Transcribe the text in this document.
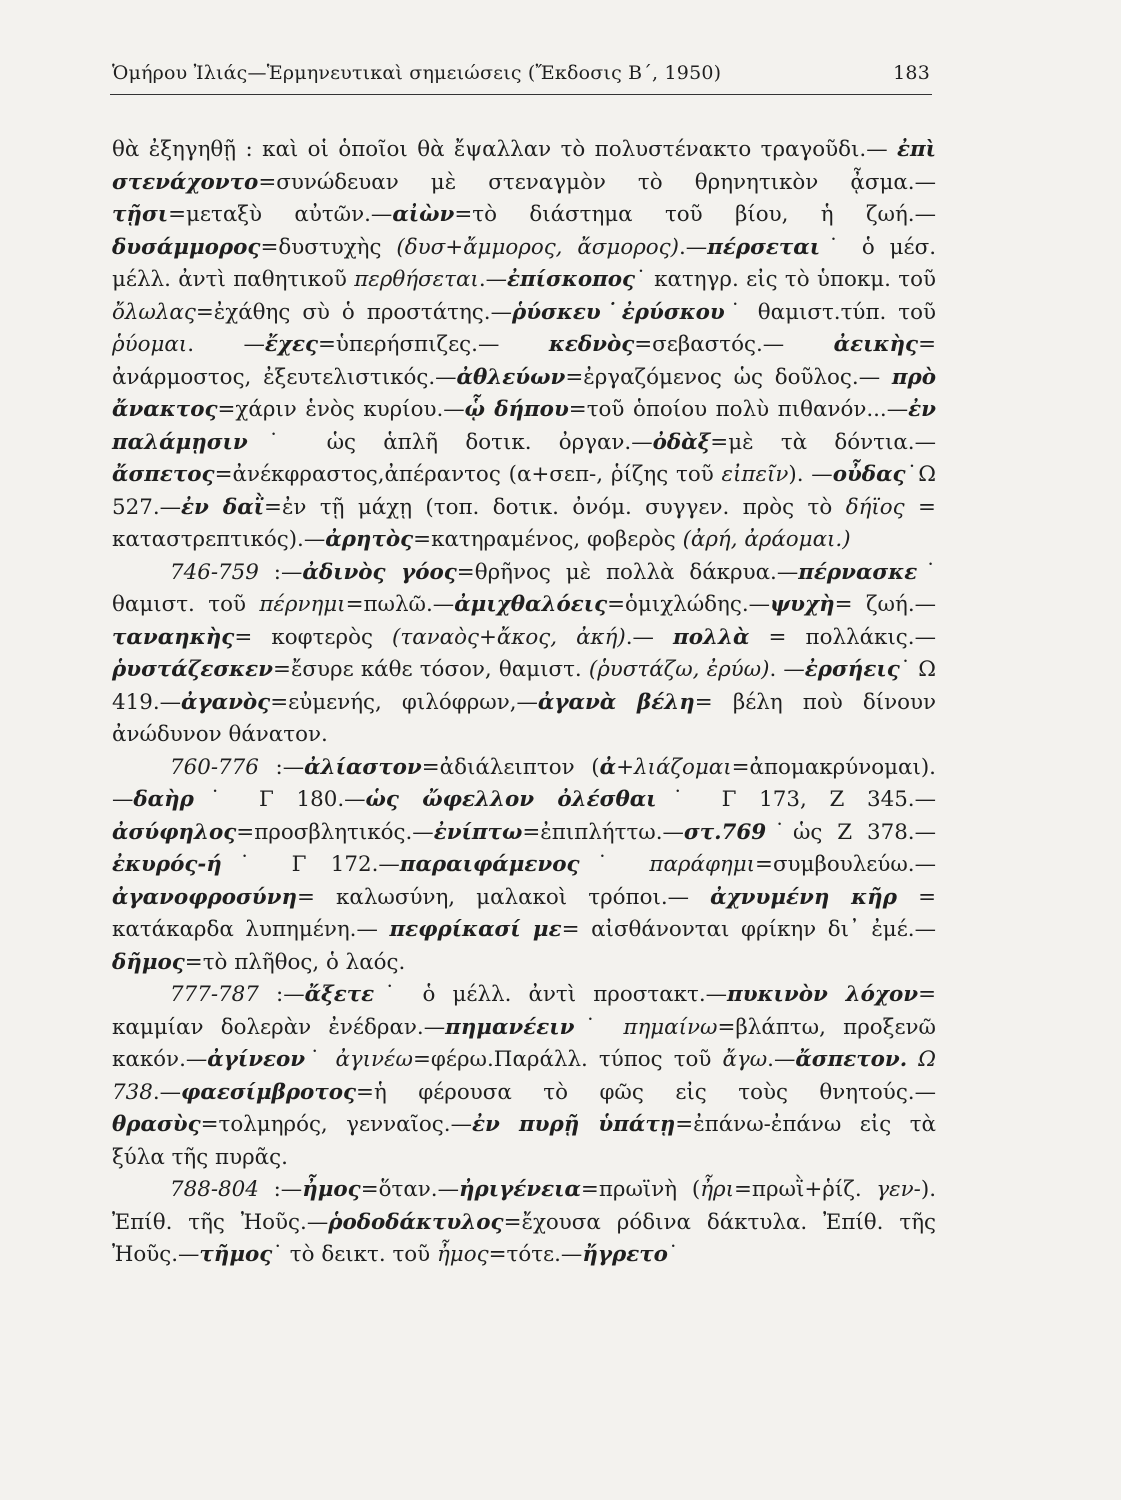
Ὁμήρου Ἰλιάς—Ἑρμηνευτικαὶ σημειώσεις (Ἔκδοσις Β΄, 1950)	183

θὰ ἐξηγηθῇ : καὶ οἱ ὁποῖοι θὰ ἔψαλλαν τὸ πολυστένακτο τραγοῦδι.— ἐπὶ στενάχοντο=συνώδευαν μὲ στεναγμὸν τὸ θρηνητικὸν ᾆσμα.— τῇσι=μεταξὺ αὐτῶν.—αἰὼν=τὸ διάστημα τοῦ βίου, ἡ ζωή.—δυσάμμορος=δυστυχὴς (δυσ+ἄμμορος, ἄσμορος).—πέρσεται˙ ὁ μέσ. μέλλ. ἀντὶ παθητικοῦ περθήσεται.—ἐπίσκοπος˙ κατηγρ. εἰς τὸ ὑποκμ. τοῦ ὄλωλας=ἐχάθης σὺ ὁ προστάτης.—ῥύσκευ˙ἐρύσκου˙ θαμιστ.τύπ. τοῦ ῥύομαι. —ἔχες=ὑπερήσπιζες.— κεδνὸς=σεβαστός.— ἀεικὴς= ἀνάρμοστος, ἐξευτελιστικός.—ἀθλεύων=ἐργαζόμενος ὡς δοῦλος.— πρὸ ἄνακτος=χάριν ἑνὸς κυρίου.—ᾧ δήπου=τοῦ ὁποίου πολὺ πιθανόν...—ἐν παλάμῃσιν˙ ὡς ἁπλῆ δοτικ. ὀργαν.—ὀδὰξ=μὲ τὰ δόντια.—ἄσπετος=ἀνέκφραστος,ἀπέραντος (α+σεπ-, ῥίζης τοῦ εἰπεῖν). —οὖδας˙Ω 527.—ἐν δαῒ=ἐν τῇ μάχῃ (τοπ. δοτικ. ὀνόμ. συγγεν. πρὸς τὸ δήϊος = καταστρεπτικός).—ἀρητὸς=κατηραμένος, φοβερὸς (ἀρή, ἀράομαι.)

746-759 :—ἀδινὸς γόος=θρῆνος μὲ πολλὰ δάκρυα.—πέρνασκε˙ θαμιστ. τοῦ πέρνημι=πωλῶ.—ἀμιχθαλόεις=ὁμιχλώδης.—ψυχὴ= ζωή.—ταναηκὴς= κοφτερὸς (ταναὸς+ἄκος, ἀκή).— πολλὰ = πολλάκις.—ῥυστάζεσκεν=ἔσυρε κάθε τόσον, θαμιστ. (ῥυστάζω, ἐρύω). —ἐρσήεις˙ Ω 419.—ἀγανὸς=εὐμενής, φιλόφρων,—ἀγανὰ βέλη= βέλη ποὺ δίνουν ἀνώδυνον θάνατον.

760-776 :—ἀλίαστον=ἀδιάλειπτον (ἀ+λιάζομαι=ἀπομακρύνομαι).—δαὴρ˙ Γ 180.—ὡς ὤφελλον ὀλέσθαι˙ Γ 173, Ζ 345.—ἀσύφηλος=προσβλητικός.—ἐνίπτω=ἐπιπλήττω.—στ.769˙ὡς Ζ 378.— ἐκυρός-ή˙ Γ 172.—παραιφάμενος˙ παράφημι=συμβουλεύω.—ἀγανοφροσύνη= καλωσύνη, μαλακοὶ τρόποι.— ἀχνυμένη κῆρ = κατάκαρδα λυπημένη.— πεφρίκασί με= αἰσθάνονται φρίκην δι᾽ ἐμέ.— δῆμος=τὸ πλῆθος, ὁ λαός.

777-787 :—ἄξετε˙ ὁ μέλλ. ἀντὶ προστακτ.—πυκινὸν λόχον= καμμίαν δολερὰν ἐνέδραν.—πημανέειν˙ πημαίνω=βλάπτω, προξενῶ κακόν.—ἀγίνεον˙ ἀγινέω=φέρω.Παράλλ. τύπος τοῦ ἄγω.—ἄσπετον. Ω 738.—φαεσίμβροτος=ἡ φέρουσα τὸ φῶς εἰς τοὺς θνητούς.—θρασὺς=τολμηρός, γενναῖος.—ἐν πυρῇ ὑπάτῃ=ἐπάνω-ἐπάνω εἰς τὰ ξύλα τῆς πυρᾶς.

788-804 :—ἦμος=ὅταν.—ἠριγένεια=πρωϊνὴ (ἦρι=πρωῒ+ῥίζ. γεν-). Ἐπίθ. τῆς Ἠοῦς.—ῥοδοδάκτυλος=ἔχουσα ρόδινα δάκτυλα. Ἐπίθ. τῆς Ἠοῦς.—τῆμος˙ τὸ δεικτ. τοῦ ἦμος=τότε.—ἤγρετο˙
